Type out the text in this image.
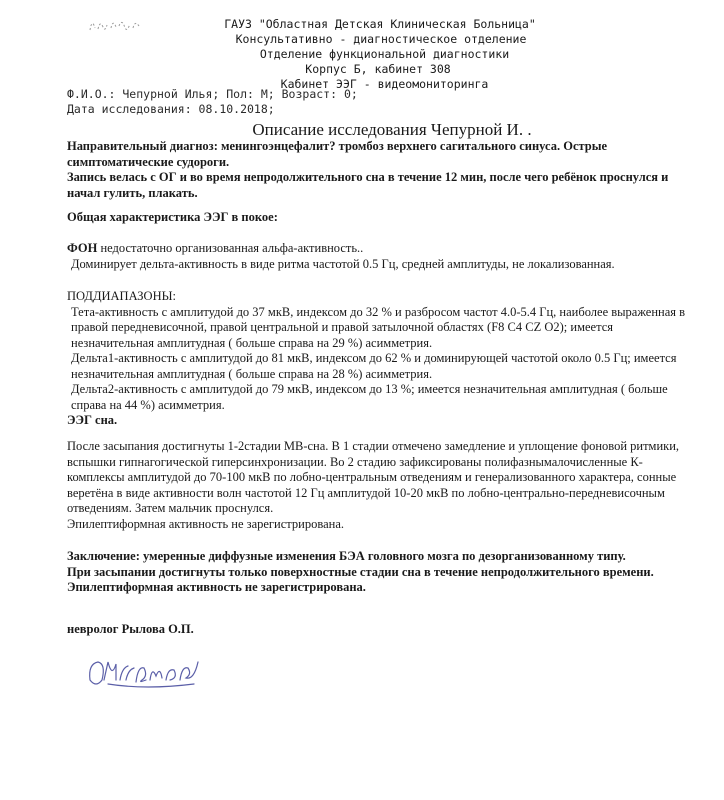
ГАУЗ "Областная Детская Клиническая Больница"
Консультативно - диагностическое отделение
Отделение функциональной диагностики
Корпус Б, кабинет 308
Кабинет ЭЭГ - видеомониторинга
Ф.И.О.: Чепурной Илья; Пол: М; Возраст: 0;
Дата исследования: 08.10.2018;
Описание исследования Чепурной И. .

Направительный диагноз: менингоэнцефалит? тромбоз верхнего сагитального синуса. Острые симптоматические судороги.

Запись велась с ОГ и во время непродолжительного сна в течение 12 мин, после чего ребёнок проснулся и начал гулить, плакать.

Общая характеристика ЭЭГ в покое:

ФОН недостаточно организованная альфа-активность..

Доминирует дельта-активность в виде ритма частотой 0.5 Гц, средней амплитуды, не локализованная.

ПОДДИАПАЗОНЫ:

Тета-активность с амплитудой до 37 мкВ, индексом до 32 % и разбросом частот 4.0-5.4 Гц, наиболее выраженная в правой передневисочной, правой центральной и правой затылочной областях (F8 C4 CZ O2); имеется незначительная амплитудная ( больше справа на 29 %) асимметрия.

Дельта1-активность с амплитудой до 81 мкВ, индексом до 62 % и доминирующей частотой около 0.5 Гц; имеется незначительная амплитудная ( больше справа на 28 %) асимметрия.

Дельта2-активность с амплитудой до 79 мкВ, индексом до 13 %; имеется незначительная амплитудная ( больше справа на 44 %) асимметрия.

ЭЭГ сна.

После засыпания достигнуты 1-2стадии МВ-сна. В 1 стадии отмечено замедление и уплощение фоновой ритмики, вспышки гипнагогической гиперсинхронизации. Во 2 стадию зафиксированы полифазнымалочисленные К-комплексы амплитудой до 70-100 мкВ по лобно-центральным отведениям и генерализованного характера, сонные веретёна в виде активности волн частотой 12 Гц амплитудой 10-20 мкВ по лобно-центрально-передневисочным отведениям. Затем мальчик проснулся.

Эпилептиформная активность не зарегистрирована.

Заключение: умеренные диффузные изменения БЭА головного мозга по дезорганизованному типу.

При засыпании достигнуты только поверхностные стадии сна в течение непродолжительного времени.

Эпилептиформная активность не зарегистрирована.

невролог Рылова О.П.
